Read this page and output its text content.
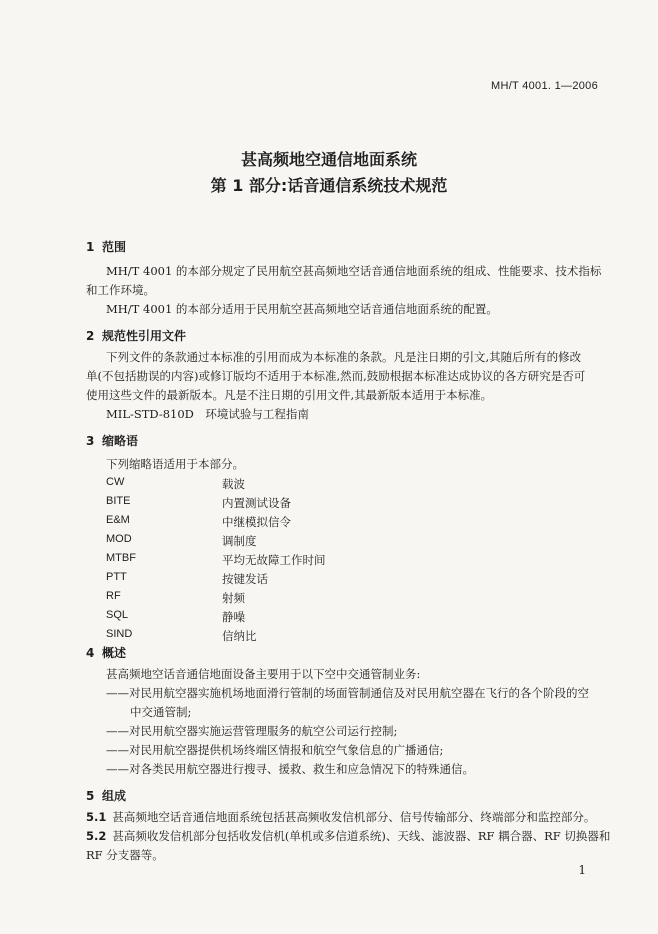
MH/T 4001. 1—2006
甚高频地空通信地面系统
第 1 部分:话音通信系统技术规范
1 范围
MH/T 4001 的本部分规定了民用航空甚高频地空话音通信地面系统的组成、性能要求、技术指标
和工作环境。
MH/T 4001 的本部分适用于民用航空甚高频地空话音通信地面系统的配置。
2 规范性引用文件
下列文件的条款通过本标准的引用而成为本标准的条款。凡是注日期的引文,其随后所有的修改
单(不包括勘误的内容)或修订版均不适用于本标准,然而,鼓励根据本标准达成协议的各方研究是否可
使用这些文件的最新版本。凡是不注日期的引用文件,其最新版本适用于本标准。
MIL-STD-810D　环境试验与工程指南
3 缩略语
下列缩略语适用于本部分。
CW	载波
BITE	内置测试设备
E&M	中继模拟信令
MOD	调制度
MTBF	平均无故障工作时间
PTT	按键发话
RF	射频
SQL	静噪
SIND	信纳比
4 概述
甚高频地空话音通信地面设备主要用于以下空中交通管制业务:
——对民用航空器实施机场地面滑行管制的场面管制通信及对民用航空器在飞行的各个阶段的空
中交通管制;
——对民用航空器实施运营管理服务的航空公司运行控制;
——对民用航空器提供机场终端区情报和航空气象信息的广播通信;
——对各类民用航空器进行搜寻、援救、救生和应急情况下的特殊通信。
5 组成
5.1 甚高频地空话音通信地面系统包括甚高频收发信机部分、信号传输部分、终端部分和监控部分。
5.2 甚高频收发信机部分包括收发信机(单机或多信道系统)、天线、滤波器、RF 耦合器、RF 切换器和
RF 分支器等。
1
